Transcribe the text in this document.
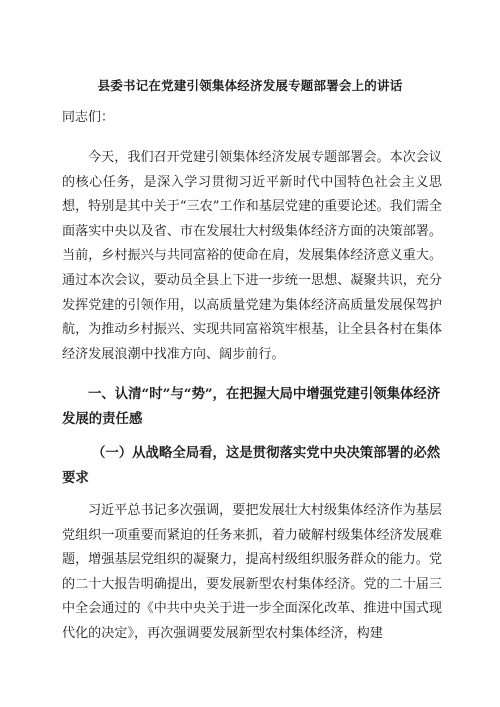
县委书记在党建引领集体经济发展专题部署会上的讲话
同志们：

今天，我们召开党建引领集体经济发展专题部署会。本次会议的核心任务，是深入学习贯彻习近平新时代中国特色社会主义思想，特别是其中关于“三农”工作和基层党建的重要论述。我们需全面落实中央以及省、市在发展壮大村级集体经济方面的决策部署。当前，乡村振兴与共同富裕的使命在肩，发展集体经济意义重大。通过本次会议，要动员全县上下进一步统一思想、凝聚共识，充分发挥党建的引领作用，以高质量党建为集体经济高质量发展保驾护航，为推动乡村振兴、实现共同富裕筑牢根基，让全县各村在集体经济发展浪潮中找准方向、阔步前行。

一、认清“时”与“势”，在把握大局中增强党建引领集体经济发展的责任感

（一）从战略全局看，这是贯彻落实党中央决策部署的必然要求

习近平总书记多次强调，要把发展壮大村级集体经济作为基层党组织一项重要而紧迫的任务来抓，着力破解村级集体经济发展难题，增强基层党组织的凝聚力，提高村级组织服务群众的能力。党的二十大报告明确提出，要发展新型农村集体经济。党的二十届三中全会通过的《中共中央关于进一步全面深化改革、推进中国式现代化的决定》，再次强调要发展新型农村集体经济，构建
